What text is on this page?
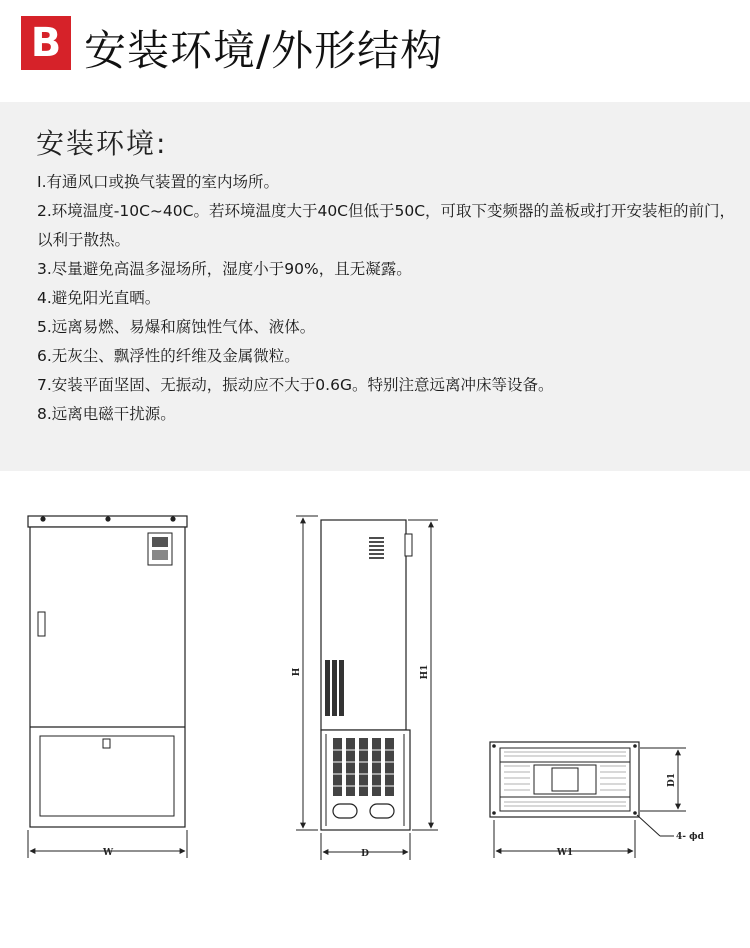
B 安装环境/外形结构
安装环境:
I.有通风口或换气装置的室内场所。
2.环境温度-10C~40C。若环境温度大于40C但低于50C，可取下变频器的盖板或打开安装柜的前门，以利于散热。
3.尽量避免高温多湿场所，湿度小于90%，且无凝露。
4.避免阳光直晒。
5.远离易燃、易爆和腐蚀性气体、液体。
6.无灰尘、飘浮性的纤维及金属微粒。
7.安装平面坚固、无振动，振动应不大于0.6G。特别注意远离冲床等设备。
8.远离电磁干扰源。
W
H	H1
D
D1
W1
4- ϕd
